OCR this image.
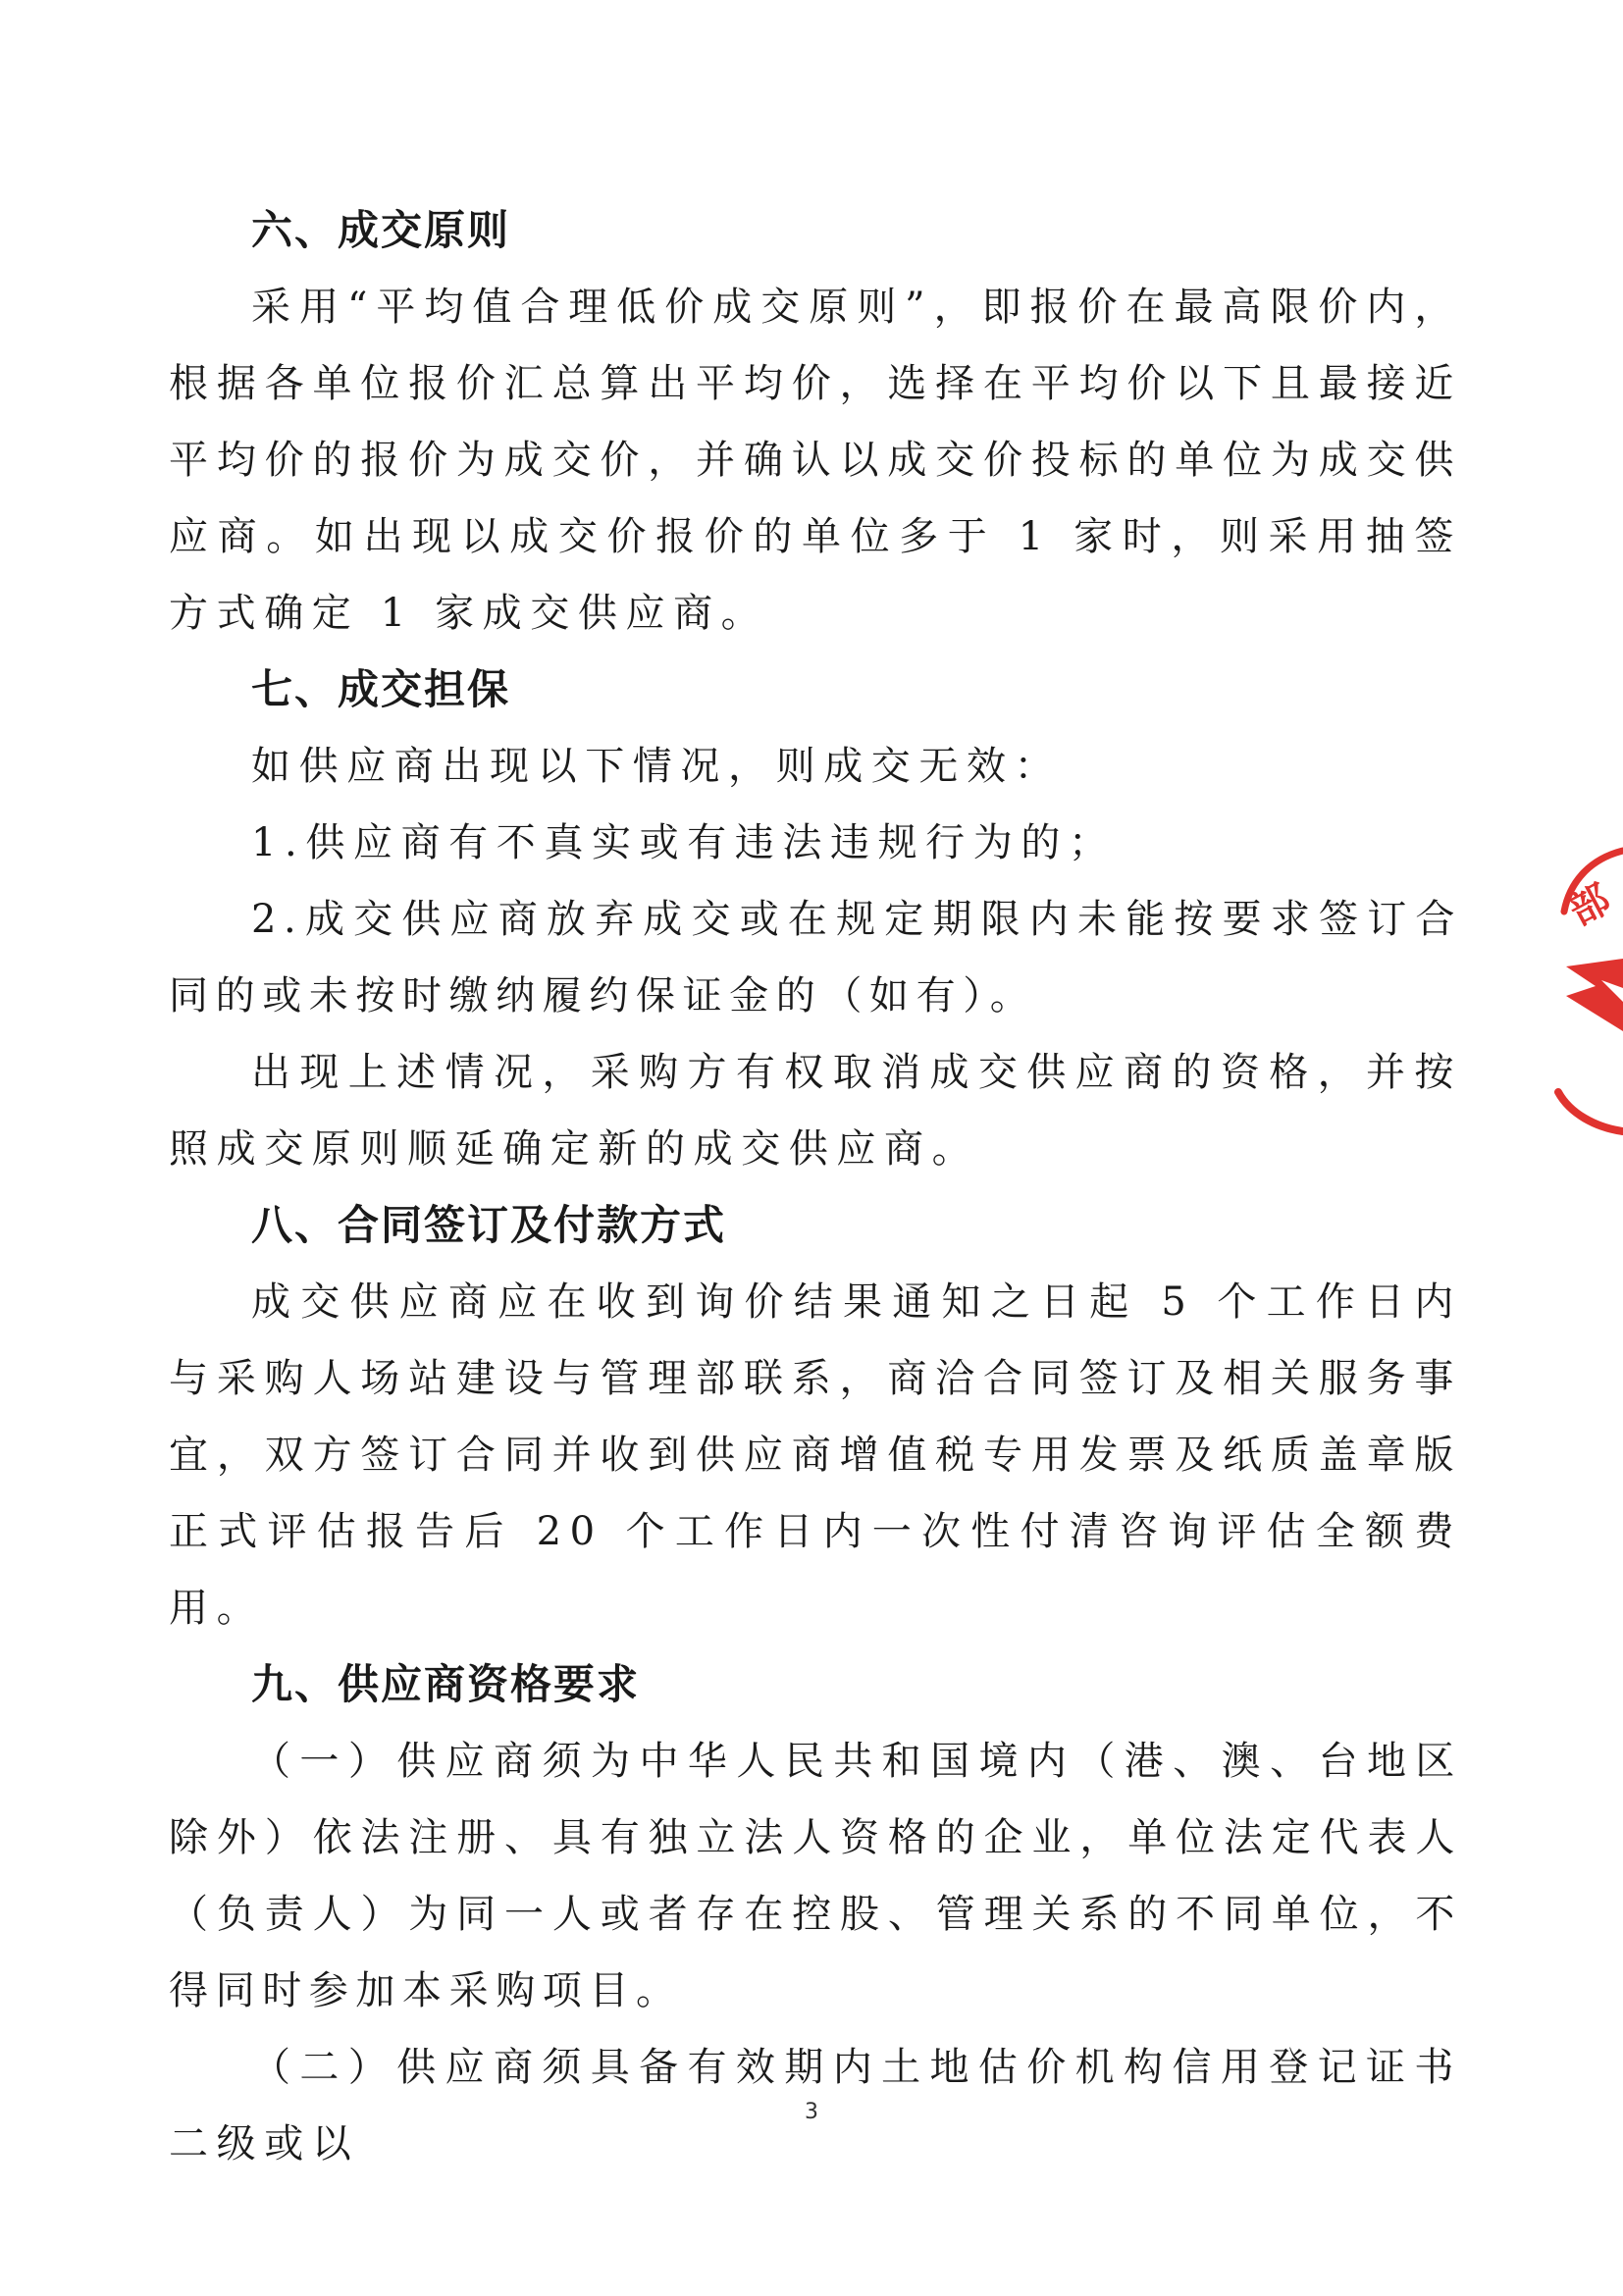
六、成交原则
采用“平均值合理低价成交原则”，即报价在最高限价内，根据各单位报价汇总算出平均价，选择在平均价以下且最接近平均价的报价为成交价，并确认以成交价投标的单位为成交供应商。如出现以成交价报价的单位多于 1 家时，则采用抽签方式确定 1 家成交供应商。
七、成交担保
如供应商出现以下情况，则成交无效：
1.供应商有不真实或有违法违规行为的；
2.成交供应商放弃成交或在规定期限内未能按要求签订合同的或未按时缴纳履约保证金的（如有）。
出现上述情况，采购方有权取消成交供应商的资格，并按照成交原则顺延确定新的成交供应商。
八、合同签订及付款方式
成交供应商应在收到询价结果通知之日起 5 个工作日内与采购人场站建设与管理部联系，商洽合同签订及相关服务事宜，双方签订合同并收到供应商增值税专用发票及纸质盖章版正式评估报告后 20 个工作日内一次性付清咨询评估全额费用。
九、供应商资格要求
（一）供应商须为中华人民共和国境内（港、澳、台地区除外）依法注册、具有独立法人资格的企业，单位法定代表人（负责人）为同一人或者存在控股、管理关系的不同单位，不得同时参加本采购项目。
（二）供应商须具备有效期内土地估价机构信用登记证书二级或以
部
3
